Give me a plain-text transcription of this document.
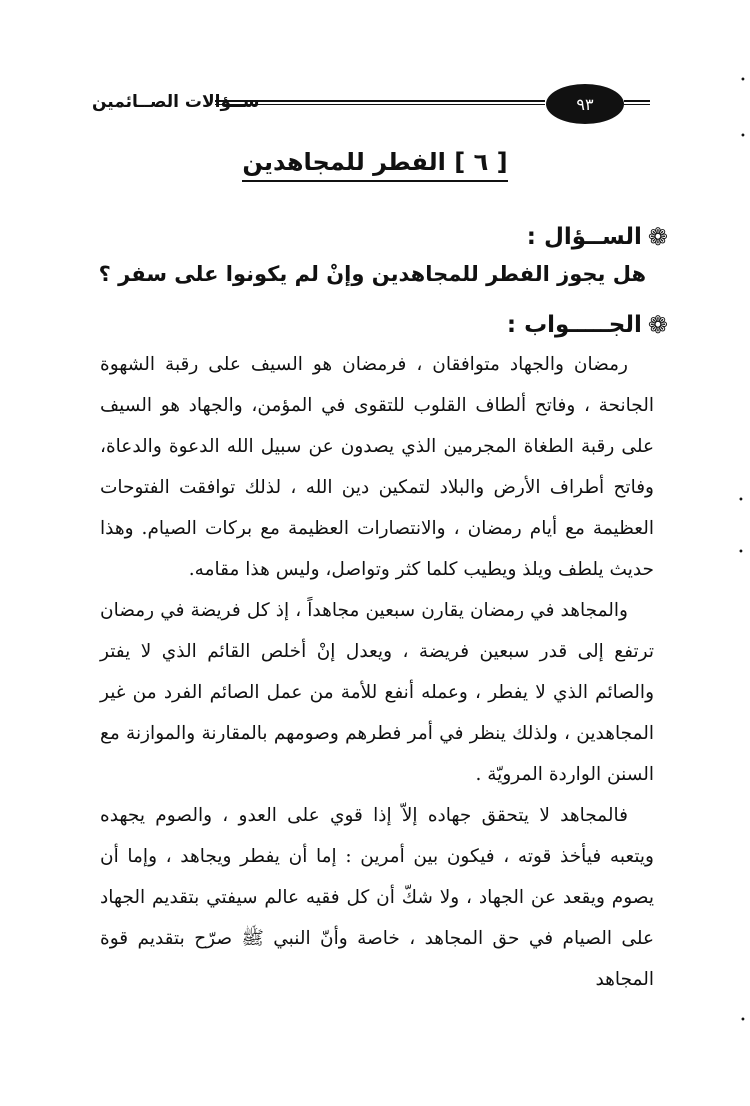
ســؤالات الصــائمين	٩٣
[ ٦ ] الفطر للمجاهدين
❁
الســؤال :
هل يجوز الفطر للمجاهدين وإنْ لم يكونوا على سفر ؟
❁
الجـــــواب :

رمضان والجهاد متوافقان ، فرمضان هو السيف على رقبة الشهوة الجانحة ، وفاتح ألطاف القلوب للتقوى في المؤمن، والجهاد هو السيف على رقبة الطغاة المجرمين الذي يصدون عن سبيل الله الدعوة والدعاة، وفاتح أطراف الأرض والبلاد لتمكين دين الله ، لذلك توافقت الفتوحات العظيمة مع أيام رمضان ، والانتصارات العظيمة مع بركات الصيام. وهذا حديث يلطف ويلذ ويطيب كلما كثر وتواصل، وليس هذا مقامه.

والمجاهد في رمضان يقارن سبعين مجاهداً ، إذ كل فريضة في رمضان ترتفع إلى قدر سبعين فريضة ، ويعدل إنْ أخلص القائم الذي لا يفتر والصائم الذي لا يفطر ، وعمله أنفع للأمة من عمل الصائم الفرد من غير المجاهدين ، ولذلك ينظر في أمر فطرهم وصومهم بالمقارنة والموازنة مع السنن الواردة المرويّة .

فالمجاهد لا يتحقق جهاده إلاّ إذا قوي على العدو ، والصوم يجهده ويتعبه فيأخذ قوته ، فيكون بين أمرين : إما أن يفطر ويجاهد ، وإما أن يصوم ويقعد عن الجهاد ، ولا شكّ أن كل فقيه عالم سيفتي بتقديم الجهاد على الصيام في حق المجاهد ، خاصة وأنّ النبي ﷺ صرّح بتقديم قوة المجاهد

•
•
•
•
•
